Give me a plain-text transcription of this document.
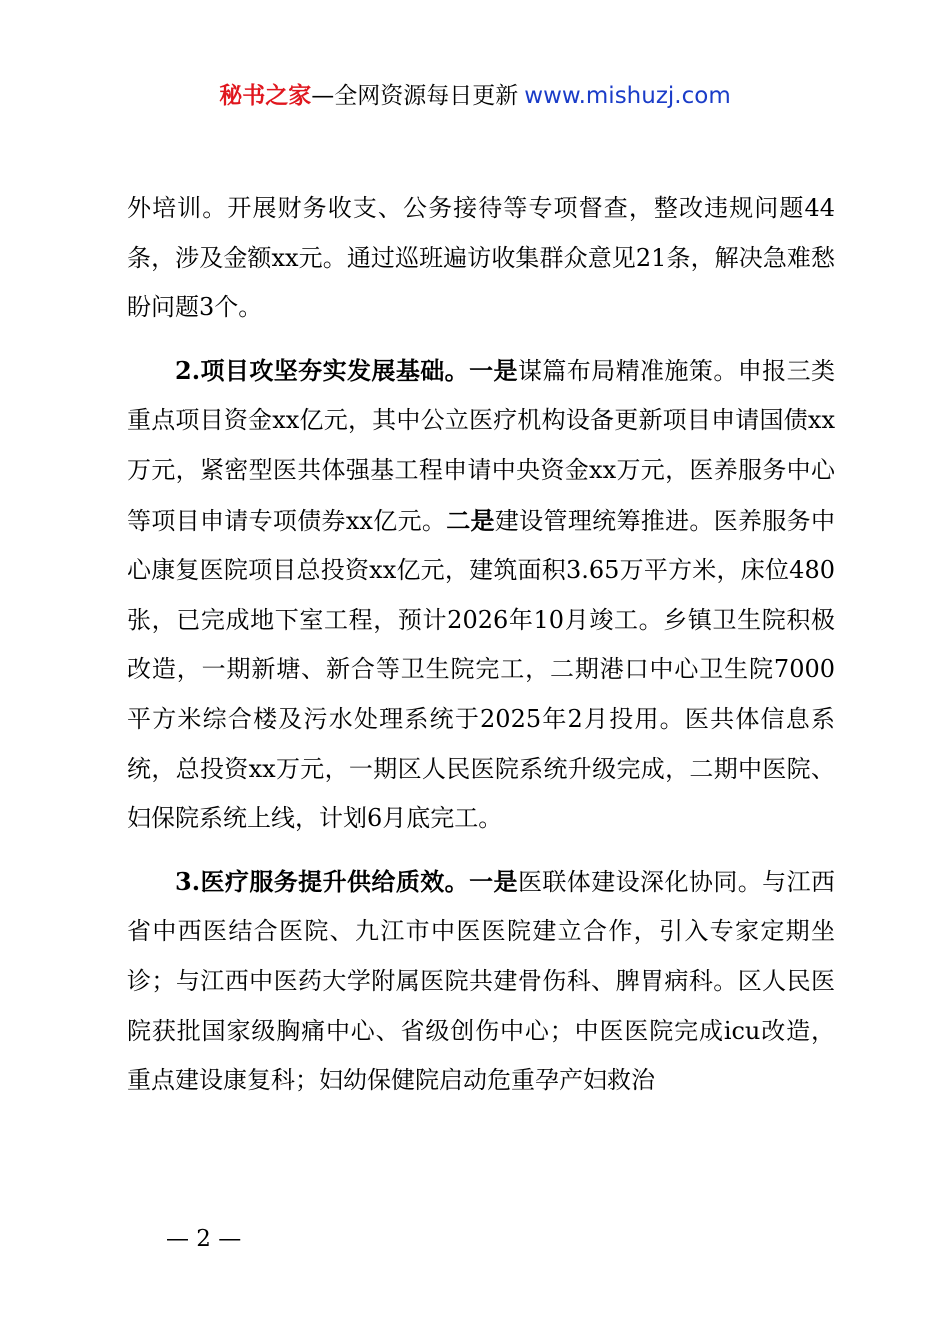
秘书之家—全网资源每日更新 www.mishuzj.com

外培训。开展财务收支、公务接待等专项督查，整改违规问题44条，涉及金额xx元。通过巡班遍访收集群众意见21条，解决急难愁盼问题3个。

2.项目攻坚夯实发展基础。一是谋篇布局精准施策。申报三类重点项目资金xx亿元，其中公立医疗机构设备更新项目申请国债xx万元，紧密型医共体强基工程申请中央资金xx万元，医养服务中心等项目申请专项债券xx亿元。二是建设管理统筹推进。医养服务中心康复医院项目总投资xx亿元，建筑面积3.65万平方米，床位480张，已完成地下室工程，预计2026年10月竣工。乡镇卫生院积极改造，一期新塘、新合等卫生院完工，二期港口中心卫生院7000平方米综合楼及污水处理系统于2025年2月投用。医共体信息系统，总投资xx万元，一期区人民医院系统升级完成，二期中医院、妇保院系统上线，计划6月底完工。

3.医疗服务提升供给质效。一是医联体建设深化协同。与江西省中西医结合医院、九江市中医医院建立合作，引入专家定期坐诊；与江西中医药大学附属医院共建骨伤科、脾胃病科。区人民医院获批国家级胸痛中心、省级创伤中心；中医医院完成icu改造，重点建设康复科；妇幼保健院启动危重孕产妇救治

— 2 —
